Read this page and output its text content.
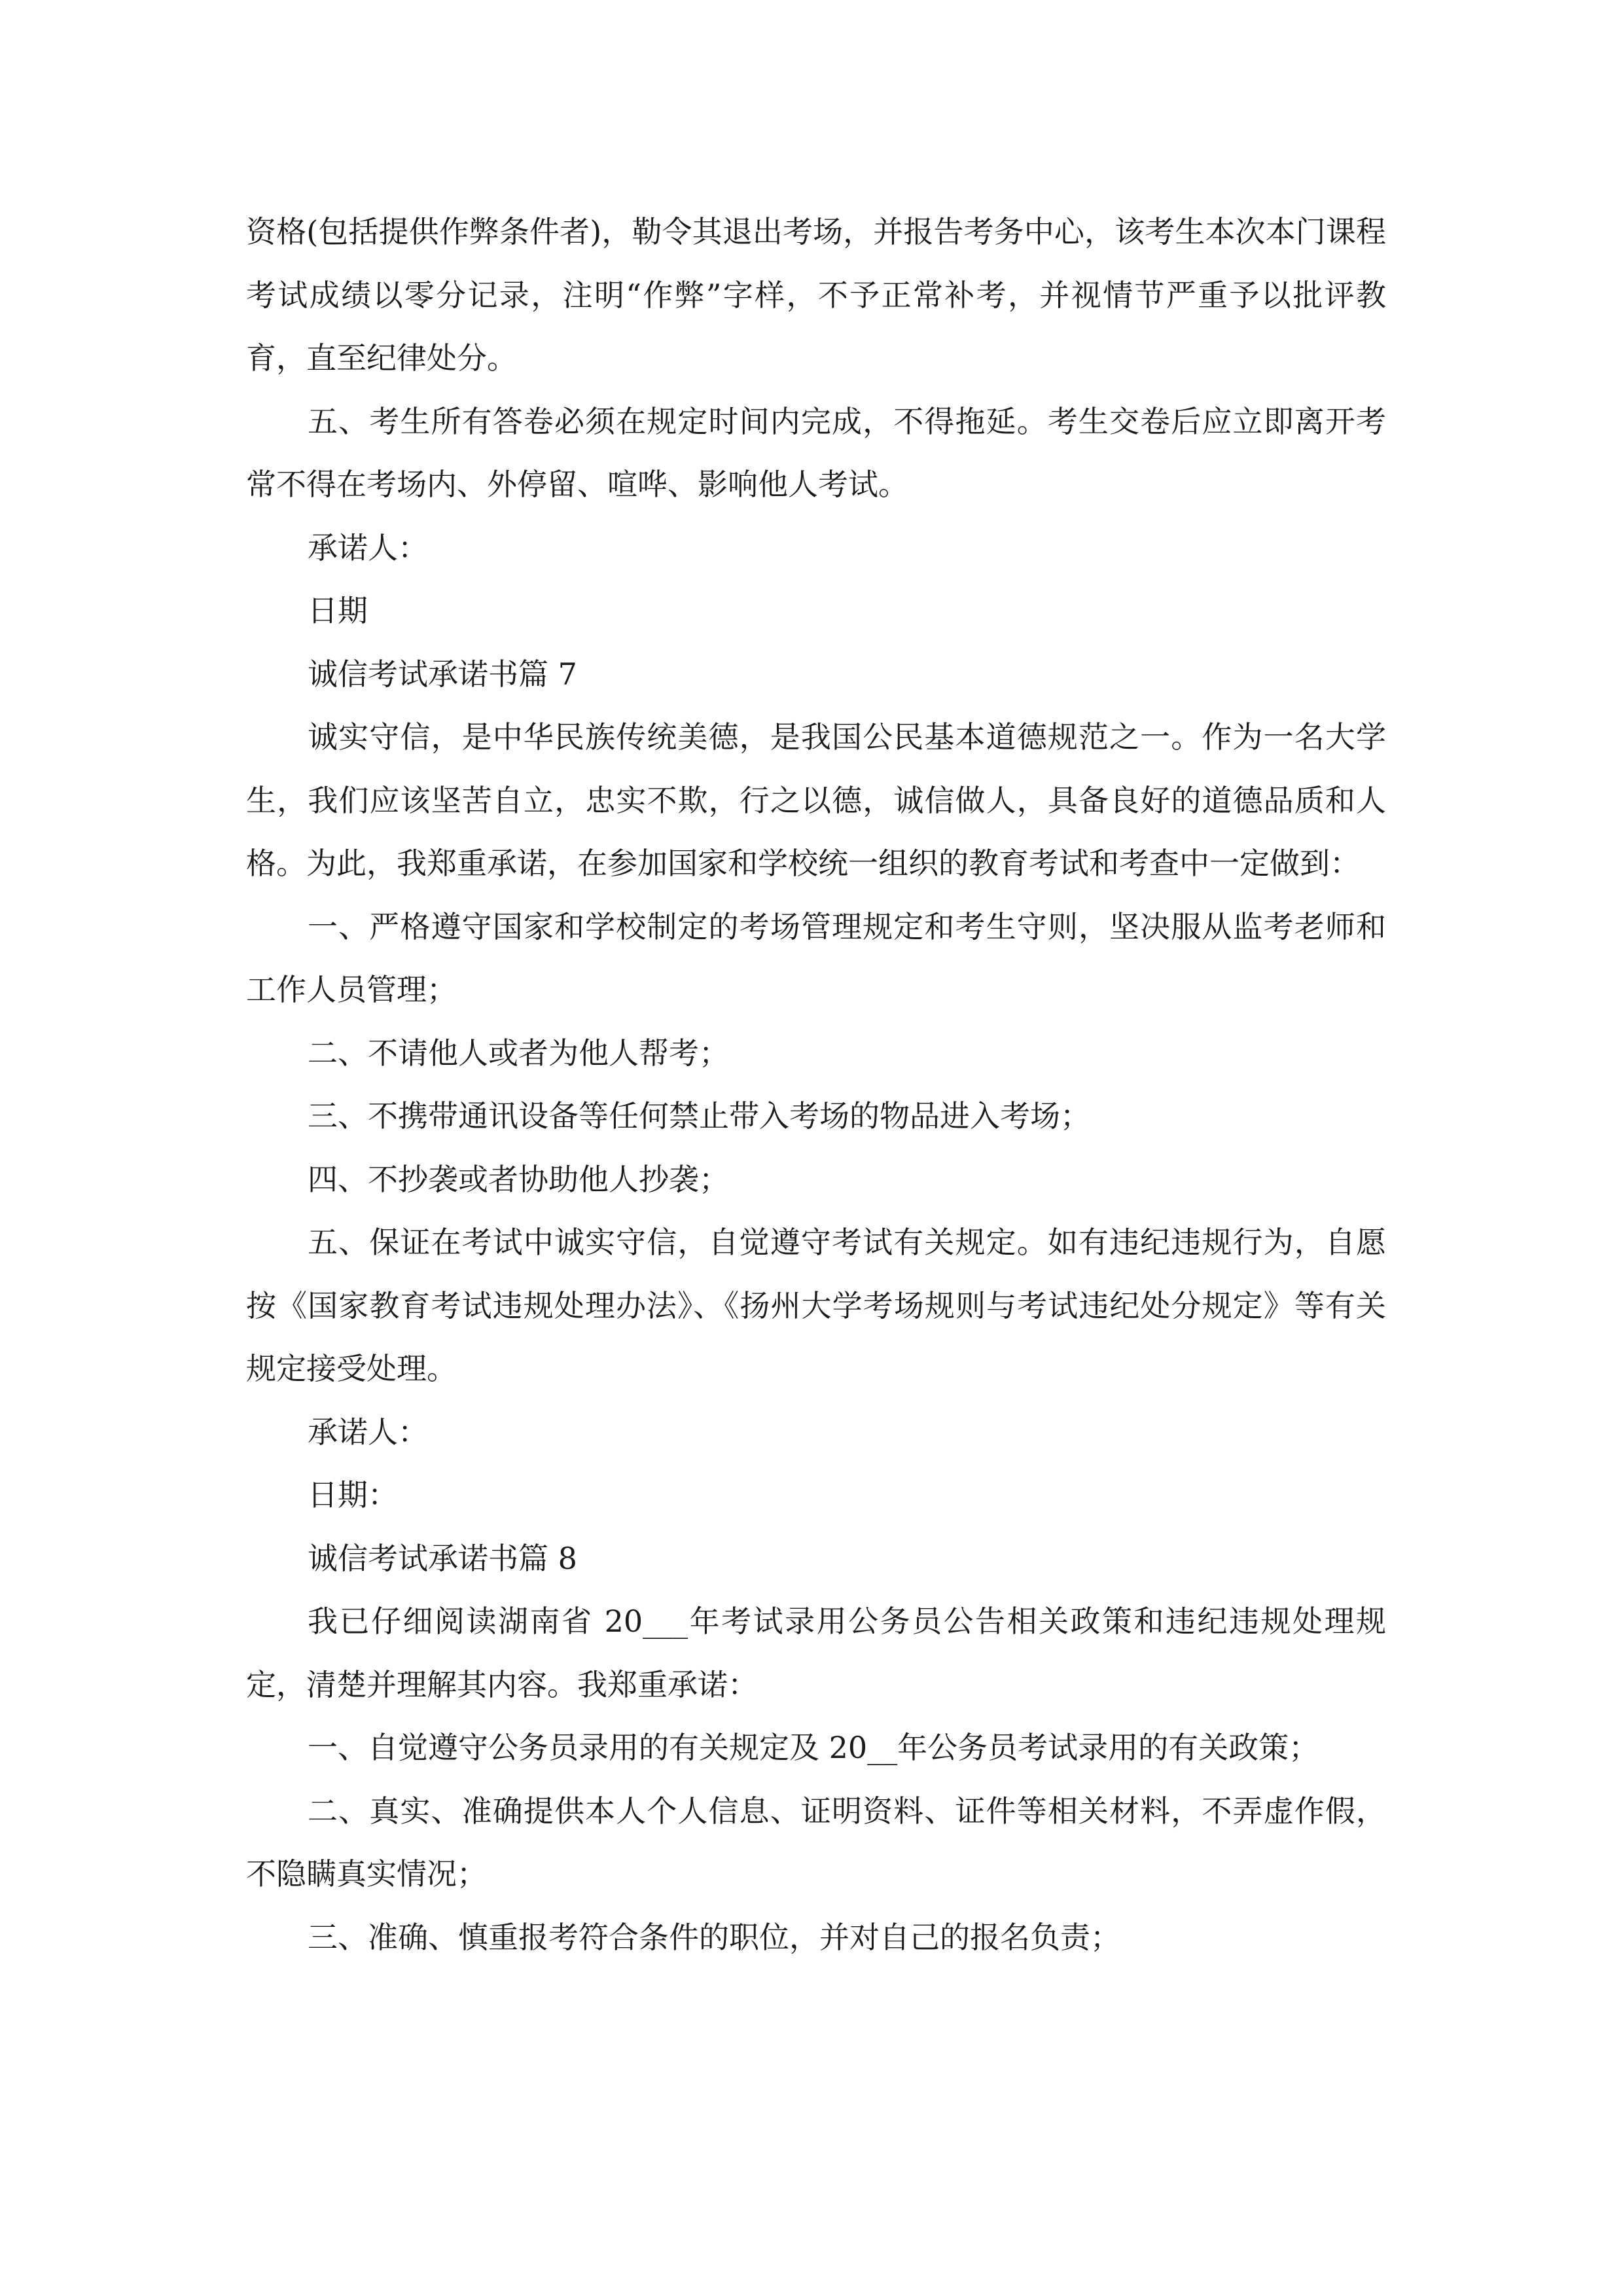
资格(包括提供作弊条件者)，勒令其退出考场，并报告考务中心，该考生本次本门课程考试成绩以零分记录，注明“作弊”字样，不予正常补考，并视情节严重予以批评教育，直至纪律处分。

五、考生所有答卷必须在规定时间内完成，不得拖延。考生交卷后应立即离开考常不得在考场内、外停留、喧哗、影响他人考试。

承诺人：

日期

诚信考试承诺书篇 7

诚实守信，是中华民族传统美德，是我国公民基本道德规范之一。作为一名大学生，我们应该坚苦自立，忠实不欺，行之以德，诚信做人，具备良好的道德品质和人格。为此，我郑重承诺，在参加国家和学校统一组织的教育考试和考查中一定做到：

一、严格遵守国家和学校制定的考场管理规定和考生守则，坚决服从监考老师和工作人员管理；

二、不请他人或者为他人帮考；

三、不携带通讯设备等任何禁止带入考场的物品进入考场；

四、不抄袭或者协助他人抄袭；

五、保证在考试中诚实守信，自觉遵守考试有关规定。如有违纪违规行为，自愿按《国家教育考试违规处理办法》、《扬州大学考场规则与考试违纪处分规定》等有关规定接受处理。

承诺人：

日期：

诚信考试承诺书篇 8

我已仔细阅读湖南省 20___年考试录用公务员公告相关政策和违纪违规处理规定，清楚并理解其内容。我郑重承诺：

一、自觉遵守公务员录用的有关规定及 20__年公务员考试录用的有关政策；

二、真实、准确提供本人个人信息、证明资料、证件等相关材料，不弄虚作假，不隐瞒真实情况；

三、准确、慎重报考符合条件的职位，并对自己的报名负责；
